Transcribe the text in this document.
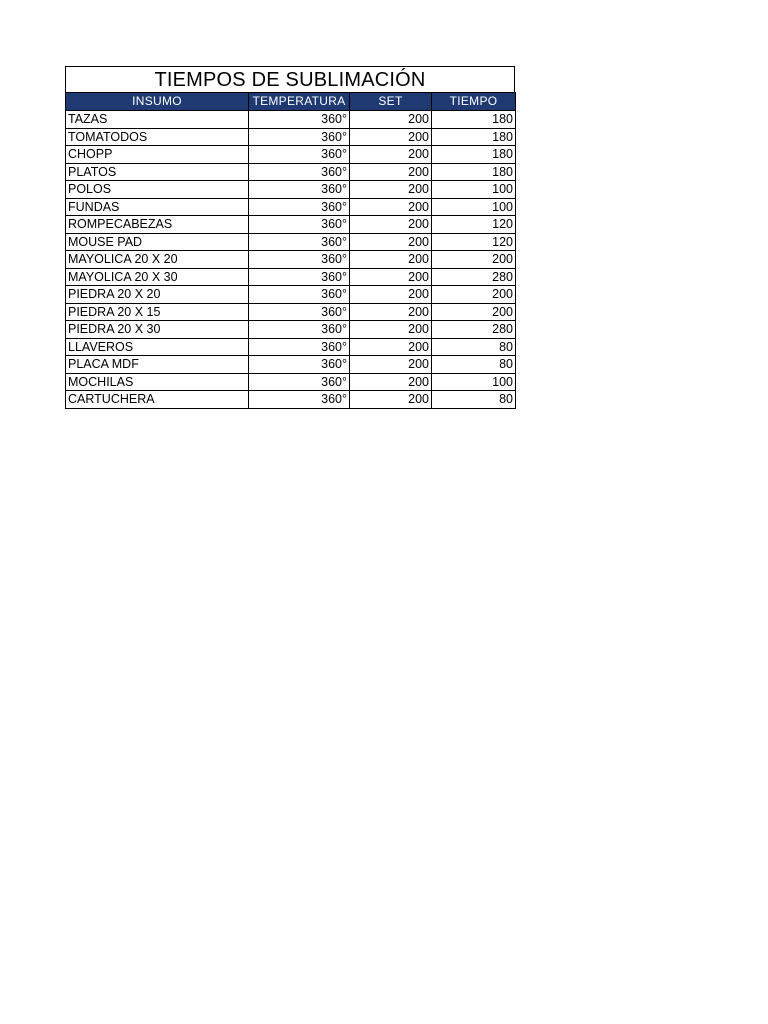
TIEMPOS DE SUBLIMACIÓN
INSUMO	TEMPERATURA	SET	TIEMPO
TAZAS	360°	200	180
TOMATODOS	360°	200	180
CHOPP	360°	200	180
PLATOS	360°	200	180
POLOS	360°	200	100
FUNDAS	360°	200	100
ROMPECABEZAS	360°	200	120
MOUSE PAD	360°	200	120
MAYOLICA 20 X 20	360°	200	200
MAYOLICA 20 X 30	360°	200	280
PIEDRA 20 X 20	360°	200	200
PIEDRA 20 X 15	360°	200	200
PIEDRA 20 X 30	360°	200	280
LLAVEROS	360°	200	80
PLACA MDF	360°	200	80
MOCHILAS	360°	200	100
CARTUCHERA	360°	200	80
